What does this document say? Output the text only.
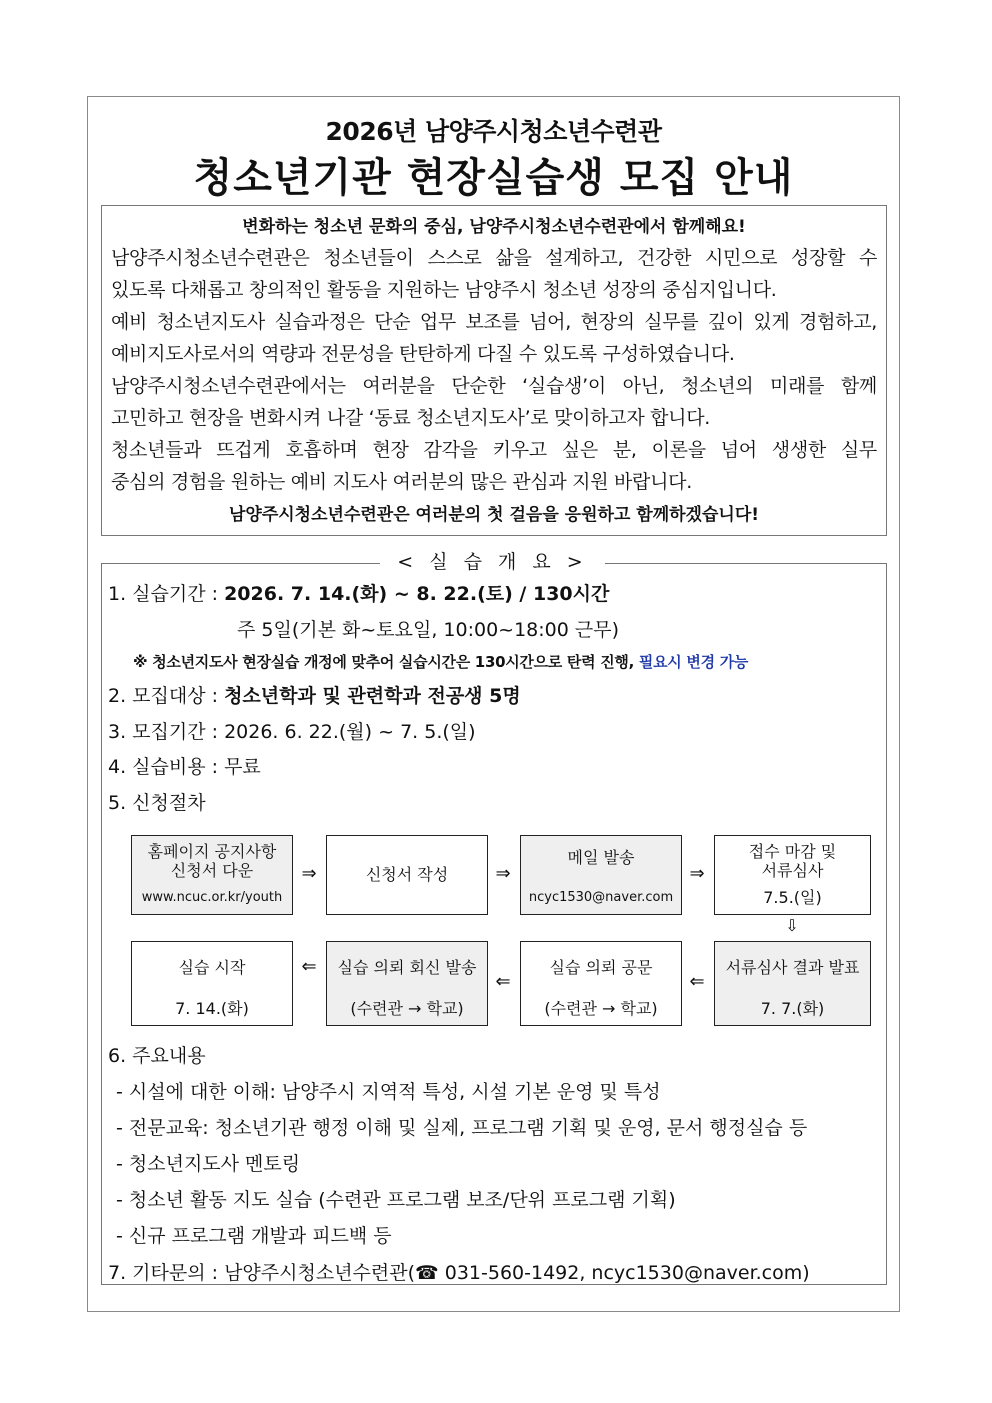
2026년 남양주시청소년수련관
청소년기관 현장실습생 모집 안내
변화하는 청소년 문화의 중심, 남양주시청소년수련관에서 함께해요!
남양주시청소년수련관은 청소년들이 스스로 삶을 설계하고, 건강한 시민으로 성장할 수
있도록 다채롭고 창의적인 활동을 지원하는 남양주시 청소년 성장의 중심지입니다.
예비 청소년지도사 실습과정은 단순 업무 보조를 넘어, 현장의 실무를 깊이 있게 경험하고,
예비지도사로서의 역량과 전문성을 탄탄하게 다질 수 있도록 구성하였습니다.
남양주시청소년수련관에서는 여러분을 단순한 ‘실습생’이 아닌, 청소년의 미래를 함께
고민하고 현장을 변화시켜 나갈 ‘동료 청소년지도사’로 맞이하고자 합니다.
청소년들과 뜨겁게 호흡하며 현장 감각을 키우고 싶은 분, 이론을 넘어 생생한 실무
중심의 경험을 원하는 예비 지도사 여러분의 많은 관심과 지원 바랍니다.
남양주시청소년수련관은 여러분의 첫 걸음을 응원하고 함께하겠습니다!
< 실 습 개 요 >
1. 실습기간 : 2026. 7. 14.(화) ~ 8. 22.(토) / 130시간
주 5일(기본 화~토요일, 10:00~18:00 근무)
※ 청소년지도사 현장실습 개정에 맞추어 실습시간은 130시간으로 탄력 진행, 필요시 변경 가능
2. 모집대상 : 청소년학과 및 관련학과 전공생 5명
3. 모집기간 : 2026. 6. 22.(월) ~ 7. 5.(일)
4. 실습비용 : 무료
5. 신청절차
홈페이지 공지사항
신청서 다운
www.ncuc.or.kr/youth
⇒	신청서 작성	⇒
메일 발송
ncyc1530@naver.com
⇒
접수 마감 및
서류심사
7.5.(일)
⇩
실습 시작
7. 14.(화)
⇐ 실습 의뢰 회신 발송
(수련관 → 학교)
⇐
실습 의뢰 공문
(수련관 → 학교)
⇐
서류심사 결과 발표
7. 7.(화)
6. 주요내용
- 시설에 대한 이해: 남양주시 지역적 특성, 시설 기본 운영 및 특성
- 전문교육: 청소년기관 행정 이해 및 실제, 프로그램 기획 및 운영, 문서 행정실습 등
- 청소년지도사 멘토링
- 청소년 활동 지도 실습 (수련관 프로그램 보조/단위 프로그램 기획)
- 신규 프로그램 개발과 피드백 등
7. 기타문의 : 남양주시청소년수련관(☎ 031-560-1492, ncyc1530@naver.com)
